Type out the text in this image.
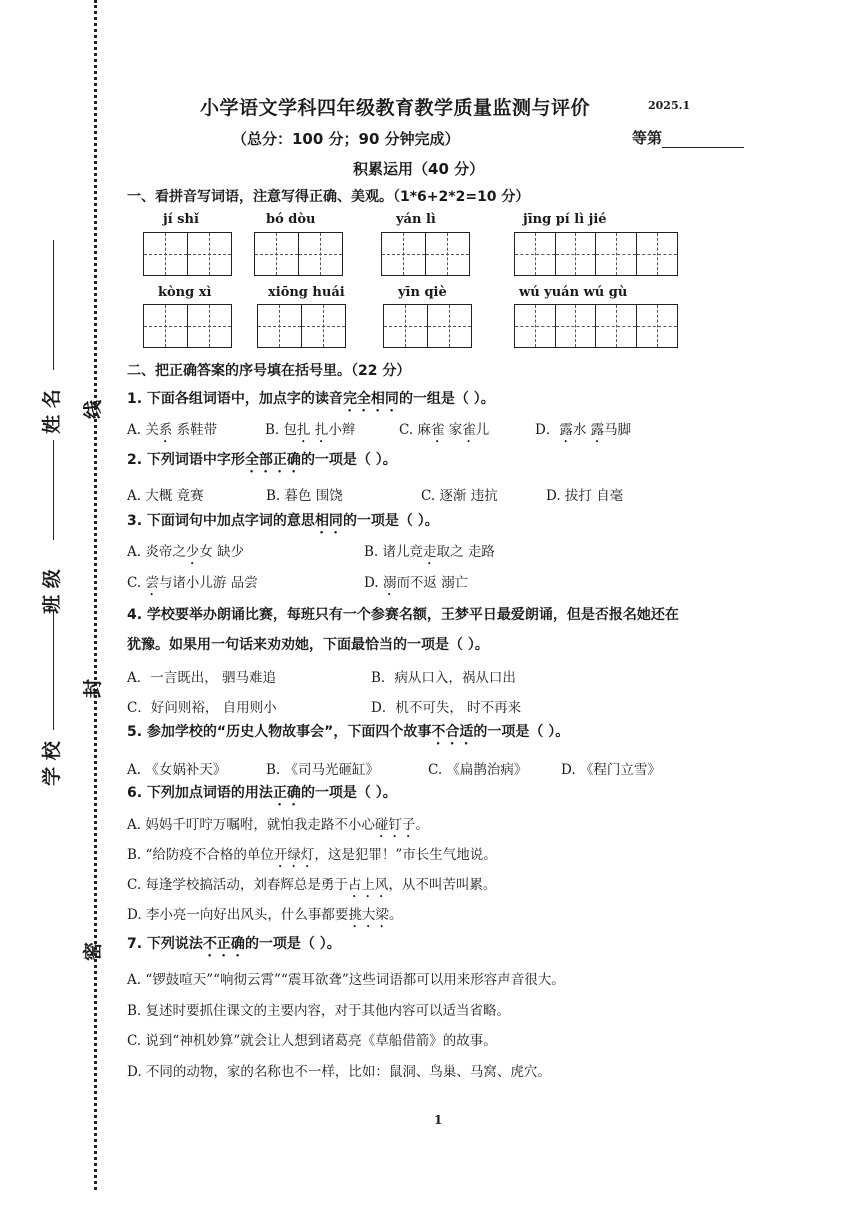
线
封
密
姓 名
班 级
学 校
小学语文学科四年级教育教学质量监测与评价	2025.1
（总分：100 分；90 分钟完成）	等第
积累运用（40 分）
一、看拼音写词语，注意写得正确、美观。（1*6+2*2=10 分）
jí shǐ	bó dòu	yán lì	jīng pí lì jié
kòng xì	xiōng huái	yīn qiè	wú yuán wú gù
二、把正确答案的序号填在括号里。（22 分）
1. 下面各组词语中，加点字的读音完全相同的一组是（ ）。
A. 关系 系鞋带	B. 包扎 扎小辫	C. 麻雀 家雀儿	D．露水 露马脚
2. 下列词语中字形全部正确的一项是（ ）。
A. 大概 竟赛	B. 暮色 围饶	C. 逐渐 违抗	D. 拔打 自毫
3. 下面词句中加点字词的意思相同的一项是（ ）。
A. 炎帝之少女 缺少	B. 诸儿竞走取之 走路
C. 尝与诸小儿游 品尝	D. 溺而不返 溺亡
4. 学校要举办朗诵比赛，每班只有一个参赛名额，王梦平日最爱朗诵，但是否报名她还在
犹豫。如果用一句话来劝劝她，下面最恰当的一项是（ ）。
A．一言既出， 驷马难追	B．病从口入，祸从口出
C．好问则裕， 自用则小	D．机不可失， 时不再来
5. 参加学校的“历史人物故事会”，下面四个故事不合适的一项是（ ）。
A. 《女娲补天》	B. 《司马光砸缸》	C. 《扁鹊治病》 D. 《程门立雪》
6. 下列加点词语的用法正确的一项是（ ）。
A. 妈妈千叮咛万嘱咐，就怕我走路不小心碰钉子。
B. “给防疫不合格的单位开绿灯，这是犯罪！”市长生气地说。
C. 每逢学校搞活动，刘春辉总是勇于占上风，从不叫苦叫累。
D. 李小亮一向好出风头，什么事都要挑大梁。
7. 下列说法不正确的一项是（ ）。
A. “锣鼓喧天”“响彻云霄”“震耳欲聋”这些词语都可以用来形容声音很大。
B. 复述时要抓住课文的主要内容，对于其他内容可以适当省略。
C. 说到“神机妙算”就会让人想到诸葛亮《草船借箭》的故事。
D. 不同的动物，家的名称也不一样，比如：鼠洞、鸟巢、马窝、虎穴。
1
